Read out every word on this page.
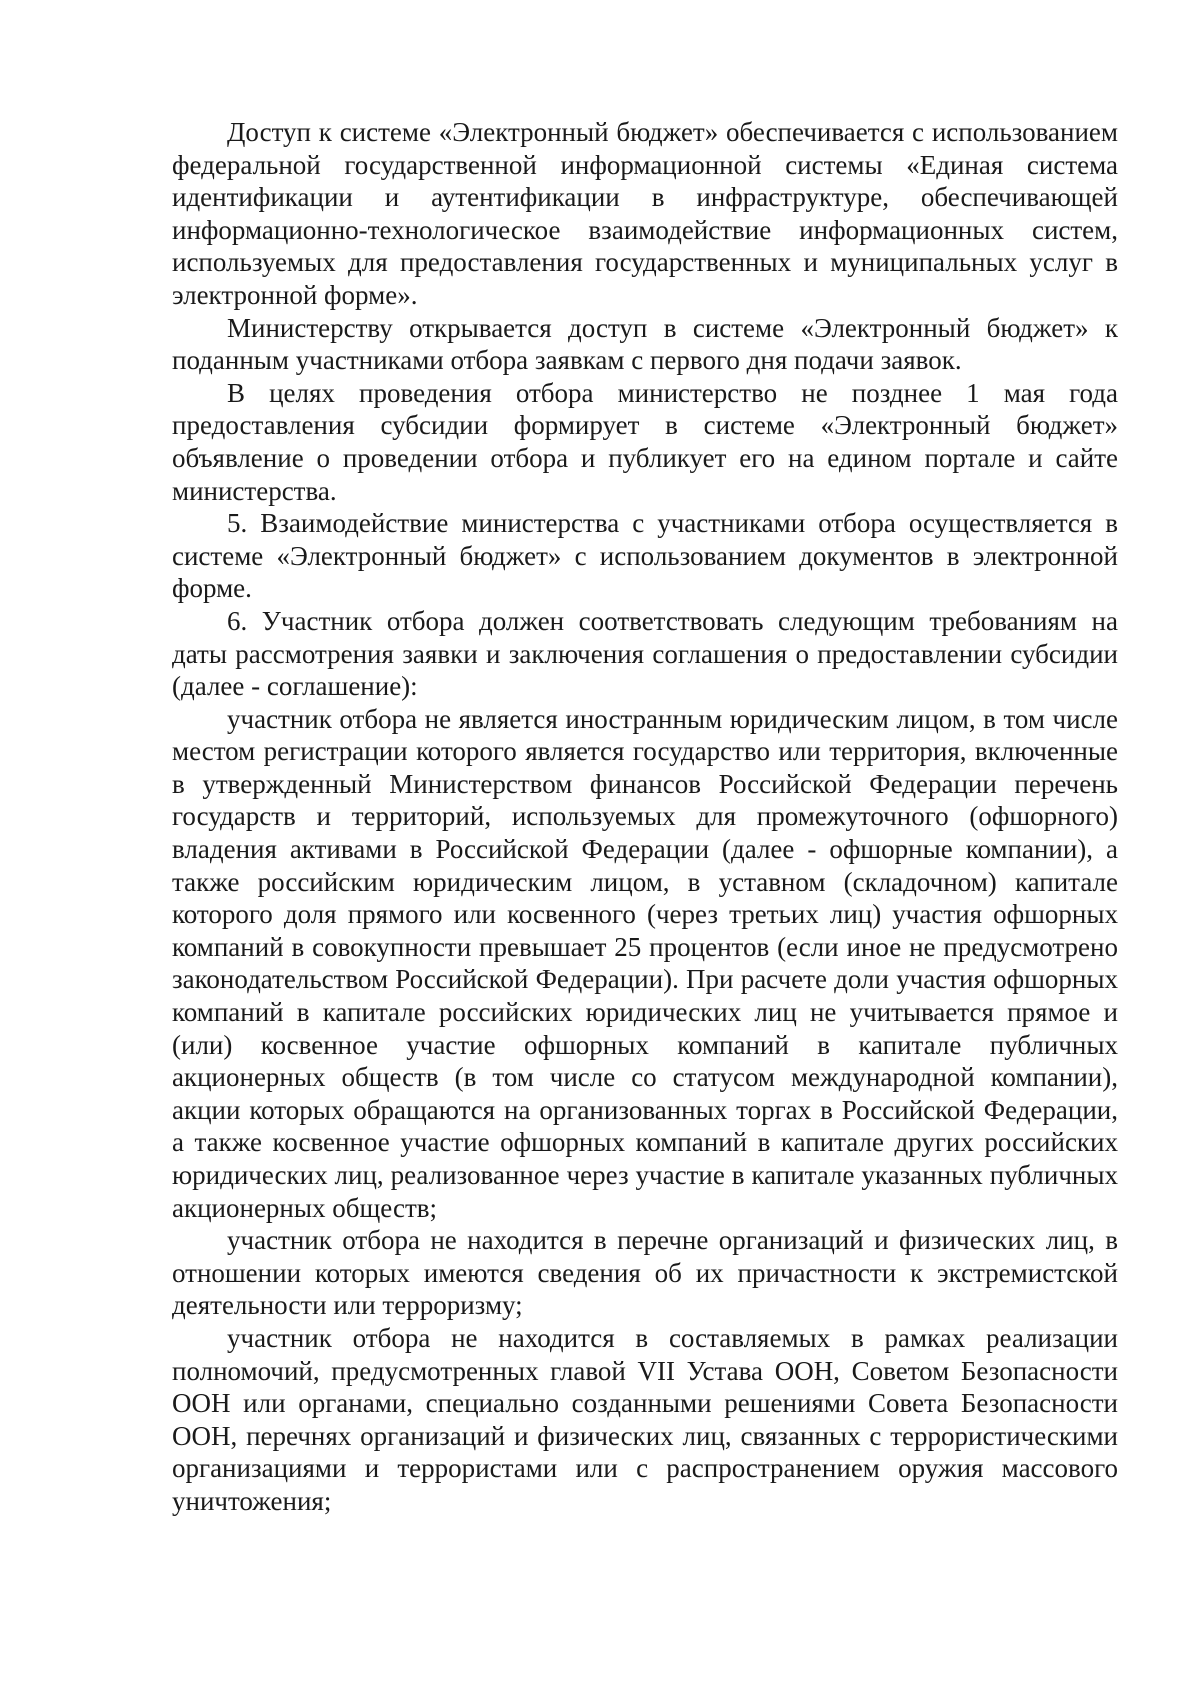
Доступ к системе «Электронный бюджет» обеспечивается с использованием федеральной государственной информационной системы «Единая система идентификации и аутентификации в инфраструктуре, обеспечивающей информационно-технологическое взаимодействие информационных систем, используемых для предоставления государственных и муниципальных услуг в электронной форме».

Министерству открывается доступ в системе «Электронный бюджет» к поданным участниками отбора заявкам с первого дня подачи заявок.

В целях проведения отбора министерство не позднее 1 мая года предоставления субсидии формирует в системе «Электронный бюджет» объявление о проведении отбора и публикует его на едином портале и сайте министерства.

5. Взаимодействие министерства с участниками отбора осуществляется в системе «Электронный бюджет» с использованием документов в электронной форме.

6. Участник отбора должен соответствовать следующим требованиям на даты рассмотрения заявки и заключения соглашения о предоставлении субсидии (далее - соглашение):

участник отбора не является иностранным юридическим лицом, в том числе местом регистрации которого является государство или территория, включенные в утвержденный Министерством финансов Российской Федерации перечень государств и территорий, используемых для промежуточного (офшорного) владения активами в Российской Федерации (далее - офшорные компании), а также российским юридическим лицом, в уставном (складочном) капитале которого доля прямого или косвенного (через третьих лиц) участия офшорных компаний в совокупности превышает 25 процентов (если иное не предусмотрено законодательством Российской Федерации). При расчете доли участия офшорных компаний в капитале российских юридических лиц не учитывается прямое и (или) косвенное участие офшорных компаний в капитале публичных акционерных обществ (в том числе со статусом международной компании), акции которых обращаются на организованных торгах в Российской Федерации, а также косвенное участие офшорных компаний в капитале других российских юридических лиц, реализованное через участие в капитале указанных публичных акционерных обществ;

участник отбора не находится в перечне организаций и физических лиц, в отношении которых имеются сведения об их причастности к экстремистской деятельности или терроризму;

участник отбора не находится в составляемых в рамках реализации полномочий, предусмотренных главой VII Устава ООН, Советом Безопасности ООН или органами, специально созданными решениями Совета Безопасности ООН, перечнях организаций и физических лиц, связанных с террористическими организациями и террористами или с распространением оружия массового уничтожения;
